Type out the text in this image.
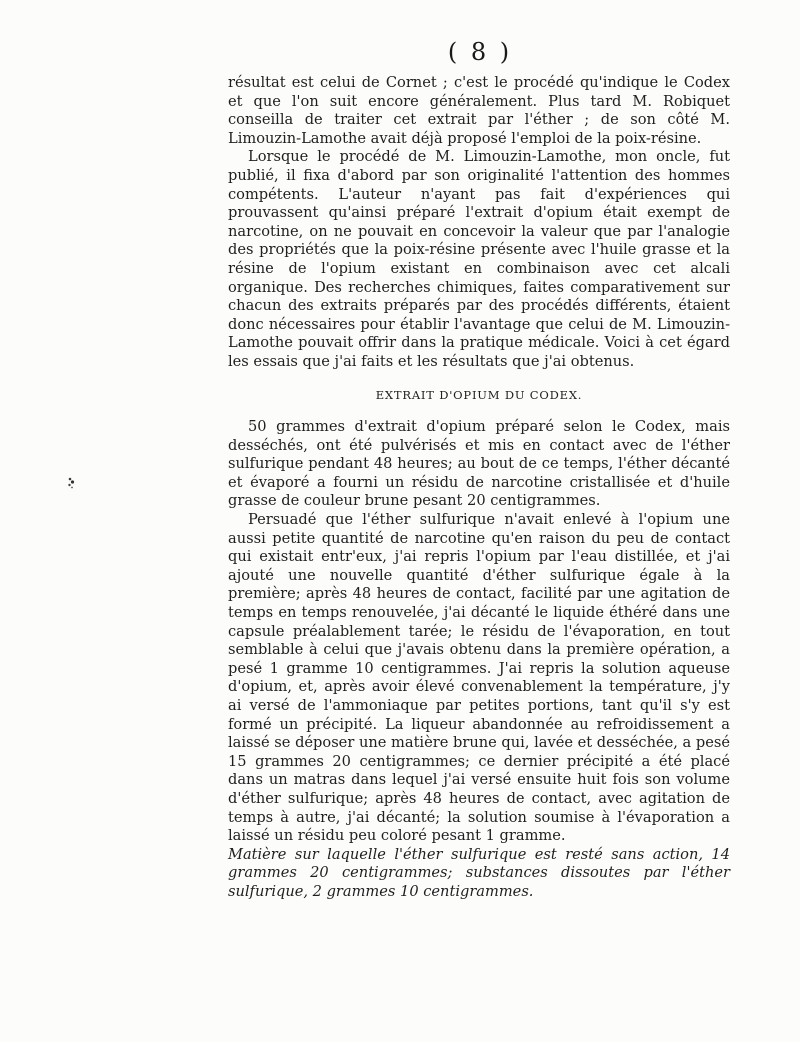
( 8 )

résultat est celui de Cornet ; c'est le procédé qu'indique le Codex et que l'on suit encore généralement. Plus tard M. Robiquet conseilla de traiter cet extrait par l'éther ; de son côté M. Limouzin-Lamothe avait déjà proposé l'emploi de la poix-résine.

Lorsque le procédé de M. Limouzin-Lamothe, mon oncle, fut publié, il fixa d'abord par son originalité l'attention des hommes compétents. L'auteur n'ayant pas fait d'expériences qui prouvassent qu'ainsi préparé l'extrait d'opium était exempt de narcotine, on ne pouvait en concevoir la valeur que par l'analogie des propriétés que la poix-résine présente avec l'huile grasse et la résine de l'opium existant en combinaison avec cet alcali organique. Des recherches chimiques, faites comparativement sur chacun des extraits préparés par des procédés différents, étaient donc nécessaires pour établir l'avantage que celui de M. Limouzin-Lamothe pouvait offrir dans la pratique médicale. Voici à cet égard les essais que j'ai faits et les résultats que j'ai obtenus.

EXTRAIT D'OPIUM DU CODEX.

50 grammes d'extrait d'opium préparé selon le Codex, mais desséchés, ont été pulvérisés et mis en contact avec de l'éther sulfurique pendant 48 heures; au bout de ce temps, l'éther décanté et évaporé a fourni un résidu de narcotine cristallisée et d'huile grasse de couleur brune pesant 20 centigrammes.

Persuadé que l'éther sulfurique n'avait enlevé à l'opium une aussi petite quantité de narcotine qu'en raison du peu de contact qui existait entr'eux, j'ai repris l'opium par l'eau distillée, et j'ai ajouté une nouvelle quantité d'éther sulfurique égale à la première; après 48 heures de contact, facilité par une agitation de temps en temps renouvelée, j'ai décanté le liquide éthéré dans une capsule préalablement tarée; le résidu de l'évaporation, en tout semblable à celui que j'avais obtenu dans la première opération, a pesé 1 gramme 10 centigrammes. J'ai repris la solution aqueuse d'opium, et, après avoir élevé convenablement la température, j'y ai versé de l'ammoniaque par petites portions, tant qu'il s'y est formé un précipité. La liqueur abandonnée au refroidissement a laissé se déposer une matière brune qui, lavée et desséchée, a pesé 15 grammes 20 centigrammes; ce dernier précipité a été placé dans un matras dans lequel j'ai versé ensuite huit fois son volume d'éther sulfurique; après 48 heures de contact, avec agitation de temps à autre, j'ai décanté; la solution soumise à l'évaporation a laissé un résidu peu coloré pesant 1 gramme.

Matière sur laquelle l'éther sulfurique est resté sans action, 14 grammes 20 centigrammes; substances dissoutes par l'éther sulfurique, 2 grammes 10 centigrammes.
